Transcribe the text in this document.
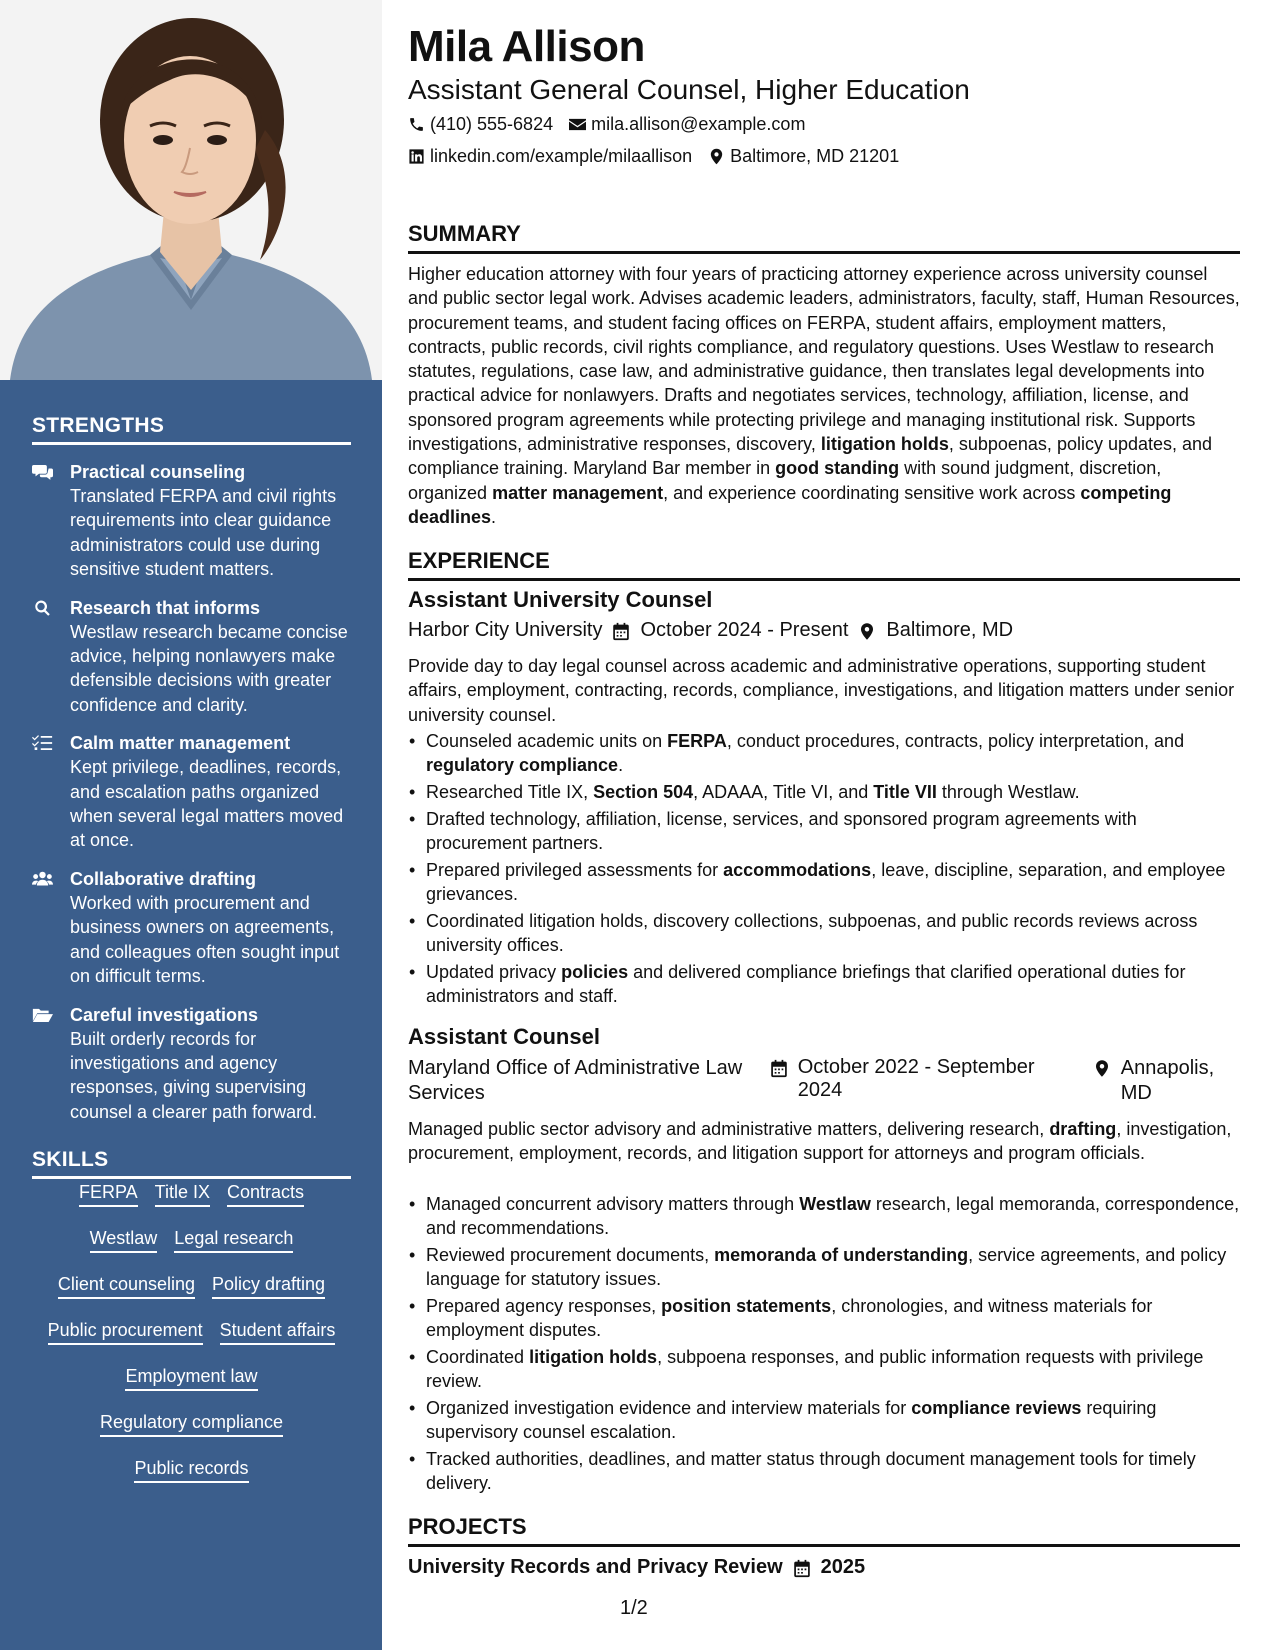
STRENGTHS
Practical counseling
Translated FERPA and civil rights requirements into clear guidance administrators could use during sensitive student matters.
Research that informs
Westlaw research became concise advice, helping nonlawyers make defensible decisions with greater confidence and clarity.
Calm matter management
Kept privilege, deadlines, records, and escalation paths organized when several legal matters moved at once.
Collaborative drafting
Worked with procurement and business owners on agreements, and colleagues often sought input on difficult terms.
Careful investigations
Built orderly records for investigations and agency responses, giving supervising counsel a clearer path forward.
SKILLS
FERPA Title IX Contracts
Westlaw Legal research
Client counseling Policy drafting
Public procurement Student affairs
Employment law
Regulatory compliance
Public records
Mila Allison
Assistant General Counsel, Higher Education
(410) 555-6824 mila.allison@example.com
linkedin.com/example/milaallison Baltimore, MD 21201
SUMMARY
Higher education attorney with four years of practicing attorney experience across university counsel and public sector legal work. Advises academic leaders, administrators, faculty, staff, Human Resources, procurement teams, and student facing offices on FERPA, student affairs, employment matters, contracts, public records, civil rights compliance, and regulatory questions. Uses Westlaw to research statutes, regulations, case law, and administrative guidance, then translates legal developments into practical advice for nonlawyers. Drafts and negotiates services, technology, affiliation, license, and sponsored program agreements while protecting privilege and managing institutional risk. Supports investigations, administrative responses, discovery, litigation holds, subpoenas, policy updates, and compliance training. Maryland Bar member in good standing with sound judgment, discretion, organized matter management, and experience coordinating sensitive work across competing deadlines.
EXPERIENCE
Assistant University Counsel
Harbor City University October 2024 - Present Baltimore, MD
Provide day to day legal counsel across academic and administrative operations, supporting student affairs, employment, contracting, records, compliance, investigations, and litigation matters under senior university counsel.
• Counseled academic units on FERPA, conduct procedures, contracts, policy interpretation, and regulatory compliance.
• Researched Title IX, Section 504, ADAAA, Title VI, and Title VII through Westlaw.
• Drafted technology, affiliation, license, services, and sponsored program agreements with procurement partners.
• Prepared privileged assessments for accommodations, leave, discipline, separation, and employee grievances.
• Coordinated litigation holds, discovery collections, subpoenas, and public records reviews across university offices.
• Updated privacy policies and delivered compliance briefings that clarified operational duties for administrators and staff.
Assistant Counsel
Maryland Office of Administrative Law Services
October 2022 - September 2024
Annapolis, MD
Managed public sector advisory and administrative matters, delivering research, drafting, investigation, procurement, employment, records, and litigation support for attorneys and program officials.
• Managed concurrent advisory matters through Westlaw research, legal memoranda, correspondence, and recommendations.
• Reviewed procurement documents, memoranda of understanding, service agreements, and policy language for statutory issues.
• Prepared agency responses, position statements, chronologies, and witness materials for employment disputes.
• Coordinated litigation holds, subpoena responses, and public information requests with privilege review.
• Organized investigation evidence and interview materials for compliance reviews requiring supervisory counsel escalation.
• Tracked authorities, deadlines, and matter status through document management tools for timely delivery.
PROJECTS
University Records and Privacy Review 2025
1/2
